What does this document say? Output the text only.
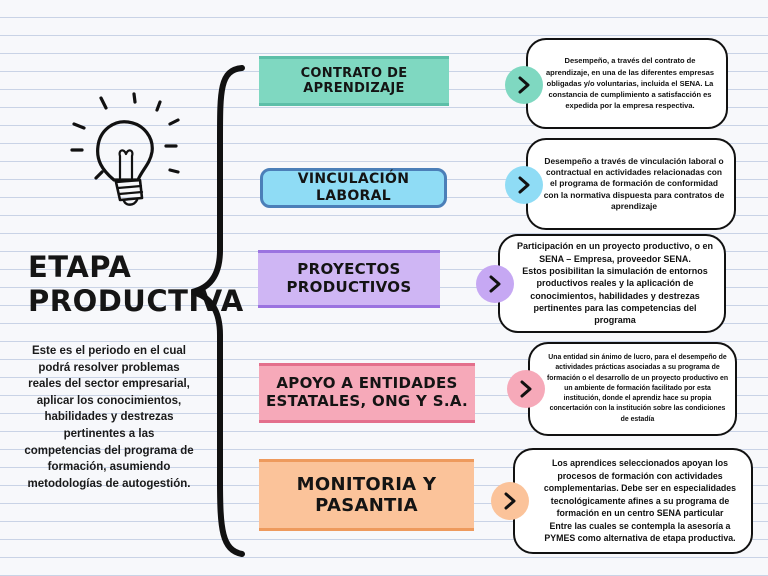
ETAPA PRODUCTIVA
Este es el periodo en el cual podrá resolver problemas reales del sector empresarial, aplicar los conocimientos, habilidades y destrezas pertinentes a las competencias del programa de formación, asumiendo metodologías de autogestión.
CONTRATO DE
APRENDIZAJE
VINCULACIÓN LABORAL
PROYECTOS
PRODUCTIVOS
APOYO A ENTIDADES
ESTATALES, ONG Y S.A.
MONITORIA Y
PASANTIA
Desempeño, a través del contrato de aprendizaje, en una de las diferentes empresas obligadas y/o voluntarias, incluida el SENA. La constancia de cumplimiento a satisfacción es expedida por la empresa respectiva.
Desempeño a través de vinculación laboral o contractual en actividades relacionadas con el programa de formación de conformidad con la normativa dispuesta para contratos de aprendizaje
Participación en un proyecto productivo, o en SENA – Empresa, proveedor SENA.
Estos posibilitan la simulación de entornos productivos reales y la aplicación de conocimientos, habilidades y destrezas pertinentes para las competencias del programa
Una entidad sin ánimo de lucro, para el desempeño de actividades prácticas asociadas a su programa de formación o el desarrollo de un proyecto productivo en un ambiente de formación facilitado por esta institución, donde el aprendiz hace su propia concertación con la institución sobre las condiciones de estadía
Los aprendices seleccionados apoyan los procesos de formación con actividades complementarias. Debe ser en especialidades tecnológicamente afines a su programa de formación en un centro SENA particular
Entre las cuales se contempla la asesoría a PYMES como alternativa de etapa productiva.
